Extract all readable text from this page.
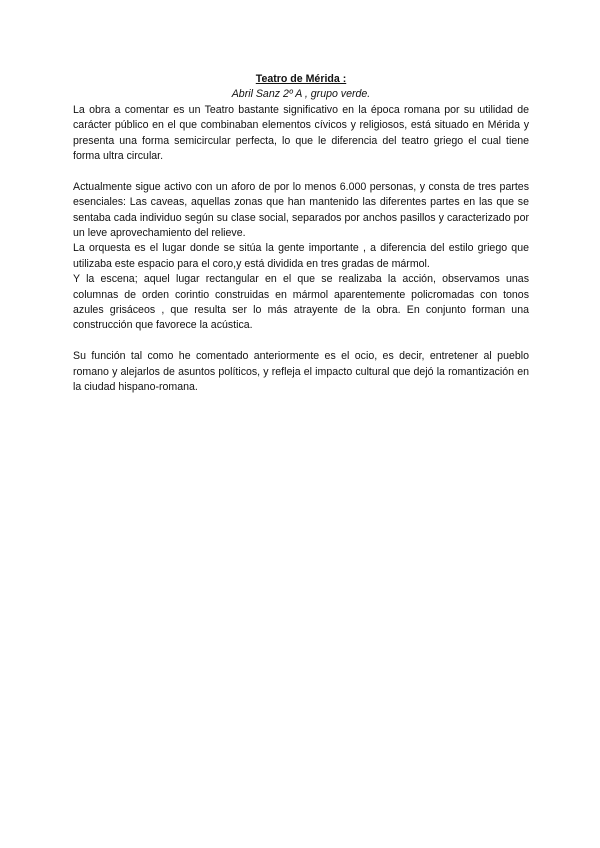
Teatro de Mérida :

Abril Sanz 2º A , grupo verde.

La obra a comentar es un Teatro bastante significativo en la época romana por su utilidad de carácter público en el que combinaban elementos cívicos y religiosos, está situado en Mérida y presenta una forma semicircular perfecta, lo que le diferencia del teatro griego el cual tiene forma ultra circular.

Actualmente sigue activo con un aforo de por lo menos 6.000 personas, y consta de tres partes esenciales: Las caveas, aquellas zonas que han mantenido las diferentes partes en las que se sentaba cada individuo según su clase social, separados por anchos pasillos y caracterizado por un leve aprovechamiento del relieve.

La orquesta es el lugar donde se sitúa la gente importante , a diferencia del estilo griego que utilizaba este espacio para el coro,y está dividida en tres gradas de mármol.

Y la escena; aquel lugar rectangular en el que se realizaba la acción, observamos unas columnas de orden corintio construidas en mármol aparentemente policromadas con tonos azules grisáceos , que resulta ser lo más atrayente de la obra. En conjunto forman una construcción que favorece la acústica.

Su función tal como he comentado anteriormente es el ocio, es decir, entretener al pueblo romano y alejarlos de asuntos políticos, y refleja el impacto cultural que dejó la romantización en la ciudad hispano-romana.
